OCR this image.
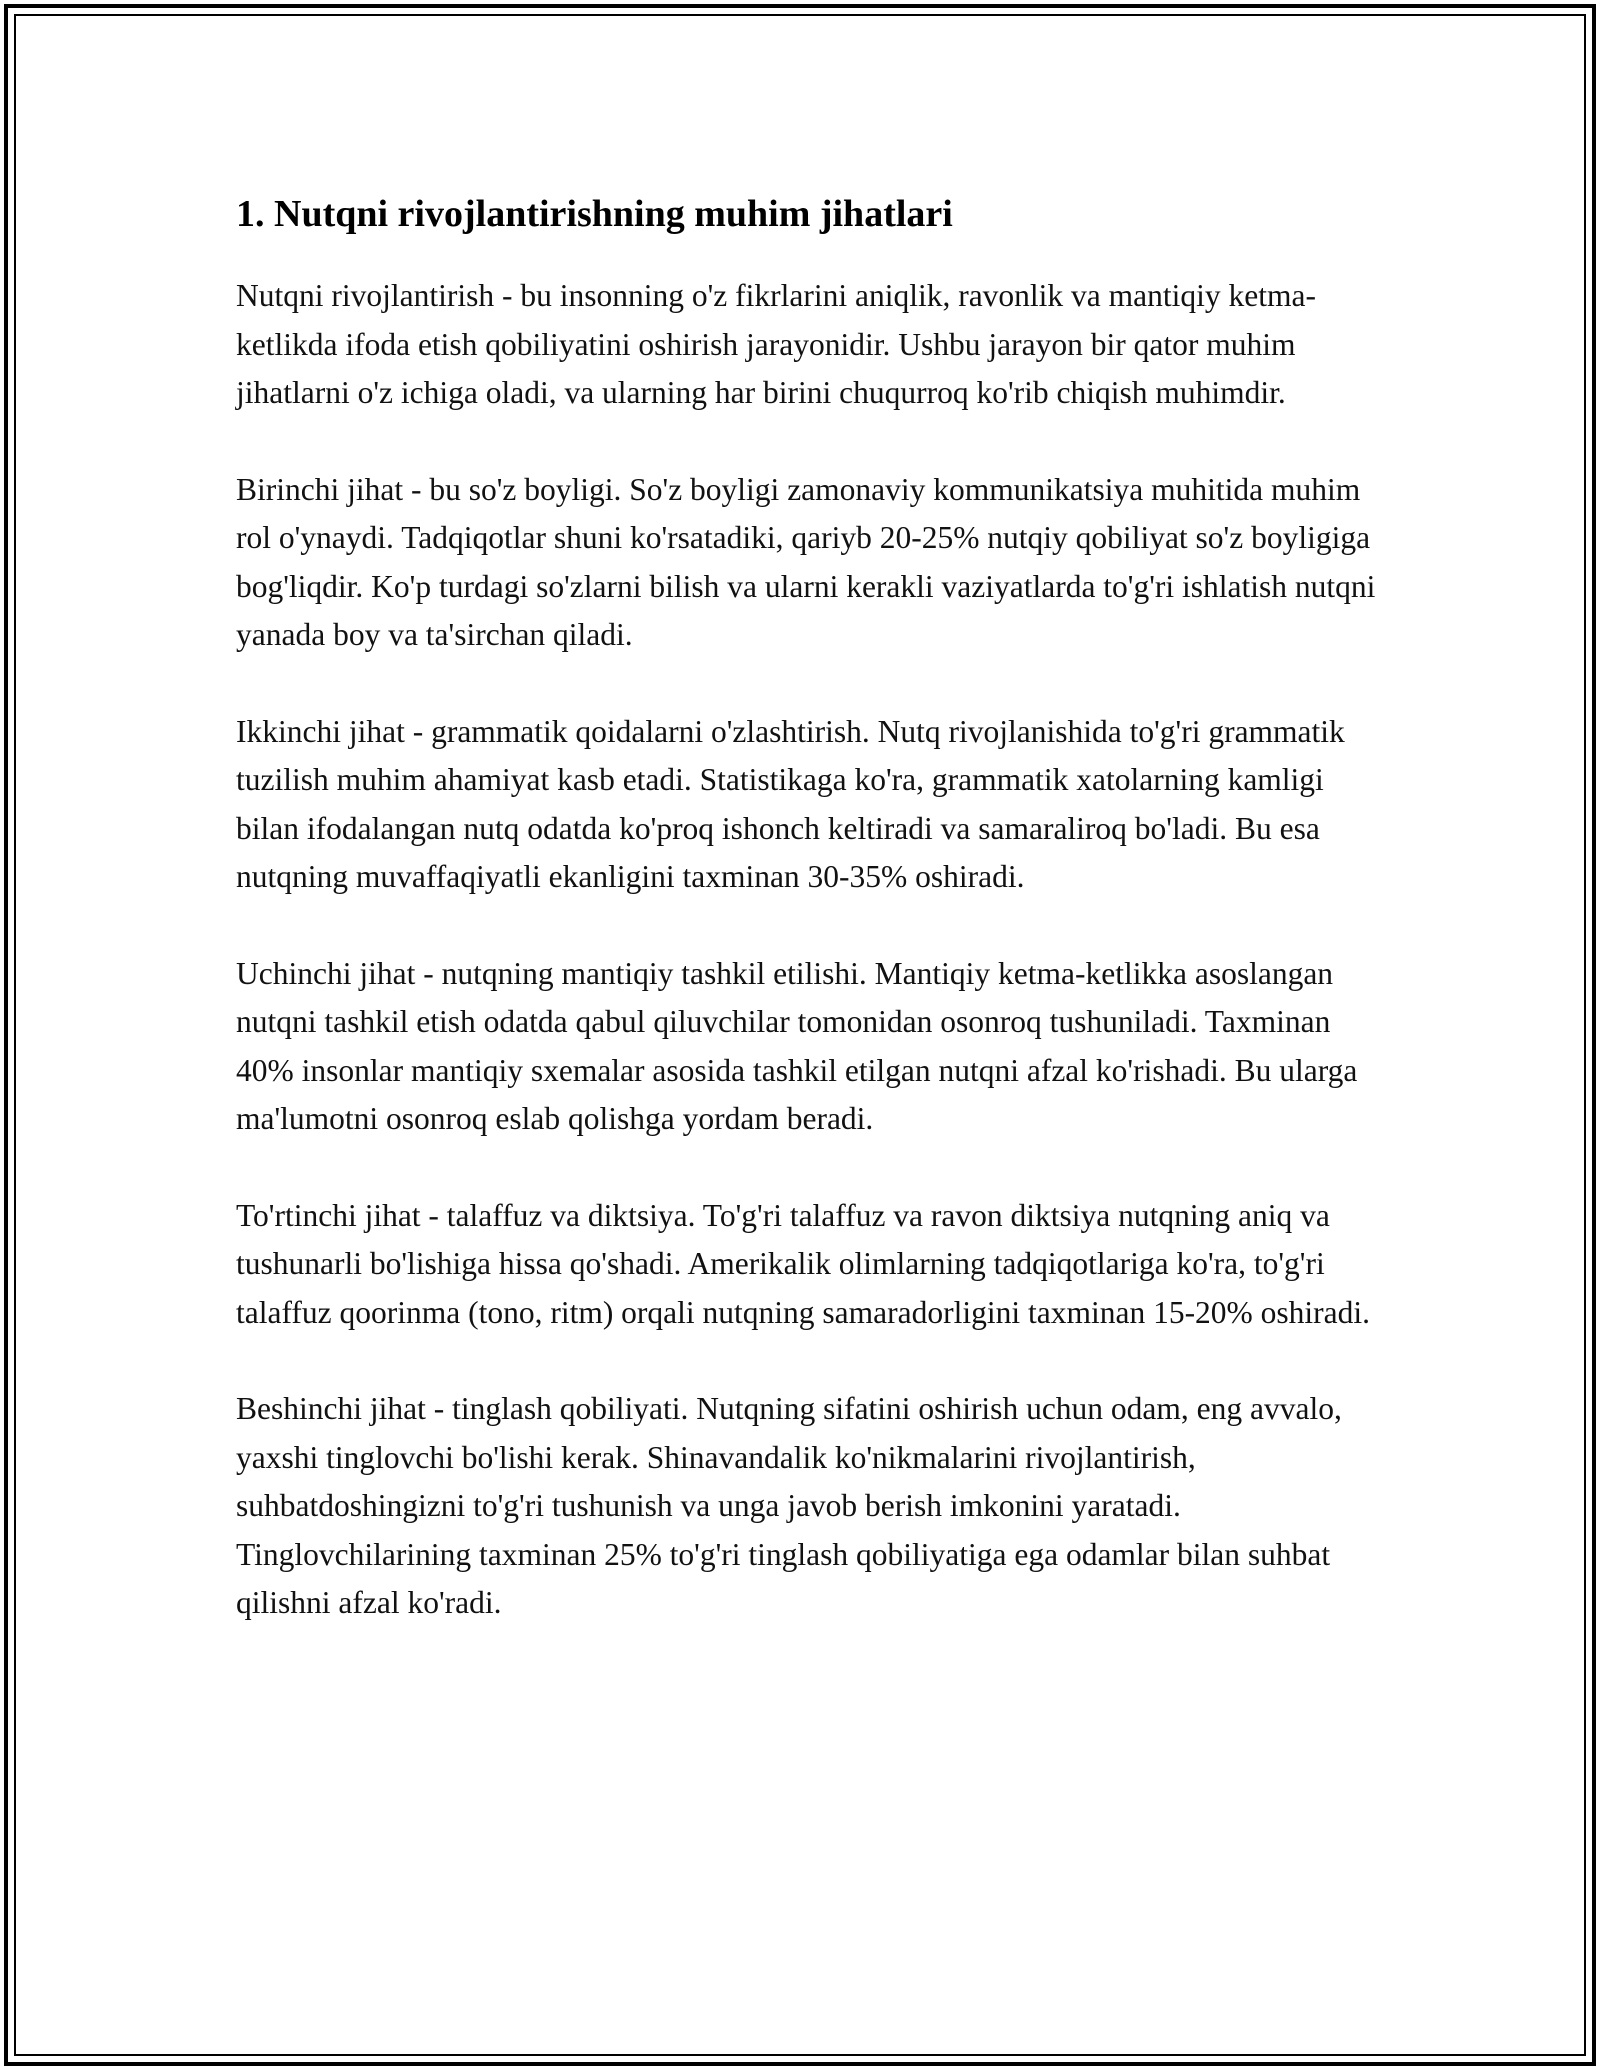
1. Nutqni rivojlantirishning muhim jihatlari

Nutqni rivojlantirish - bu insonning o'z fikrlarini aniqlik, ravonlik va mantiqiy ketma-ketlikda ifoda etish qobiliyatini oshirish jarayonidir. Ushbu jarayon bir qator muhim jihatlarni o'z ichiga oladi, va ularning har birini chuqurroq ko'rib chiqish muhimdir.

Birinchi jihat - bu so'z boyligi. So'z boyligi zamonaviy kommunikatsiya muhitida muhim rol o'ynaydi. Tadqiqotlar shuni ko'rsatadiki, qariyb 20-25% nutqiy qobiliyat so'z boyligiga bog'liqdir. Ko'p turdagi so'zlarni bilish va ularni kerakli vaziyatlarda to'g'ri ishlatish nutqni yanada boy va ta'sirchan qiladi.

Ikkinchi jihat - grammatik qoidalarni o'zlashtirish. Nutq rivojlanishida to'g'ri grammatik tuzilish muhim ahamiyat kasb etadi. Statistikaga ko'ra, grammatik xatolarning kamligi bilan ifodalangan nutq odatda ko'proq ishonch keltiradi va samaraliroq bo'ladi. Bu esa nutqning muvaffaqiyatli ekanligini taxminan 30-35% oshiradi.

Uchinchi jihat - nutqning mantiqiy tashkil etilishi. Mantiqiy ketma-ketlikka asoslangan nutqni tashkil etish odatda qabul qiluvchilar tomonidan osonroq tushuniladi. Taxminan 40% insonlar mantiqiy sxemalar asosida tashkil etilgan nutqni afzal ko'rishadi. Bu ularga ma'lumotni osonroq eslab qolishga yordam beradi.

To'rtinchi jihat - talaffuz va diktsiya. To'g'ri talaffuz va ravon diktsiya nutqning aniq va tushunarli bo'lishiga hissa qo'shadi. Amerikalik olimlarning tadqiqotlariga ko'ra, to'g'ri talaffuz qoorinma (tono, ritm) orqali nutqning samaradorligini taxminan 15-20% oshiradi.

Beshinchi jihat - tinglash qobiliyati. Nutqning sifatini oshirish uchun odam, eng avvalo, yaxshi tinglovchi bo'lishi kerak. Shinavandalik ko'nikmalarini rivojlantirish, suhbatdoshingizni to'g'ri tushunish va unga javob berish imkonini yaratadi. Tinglovchilarining taxminan 25% to'g'ri tinglash qobiliyatiga ega odamlar bilan suhbat qilishni afzal ko'radi.
